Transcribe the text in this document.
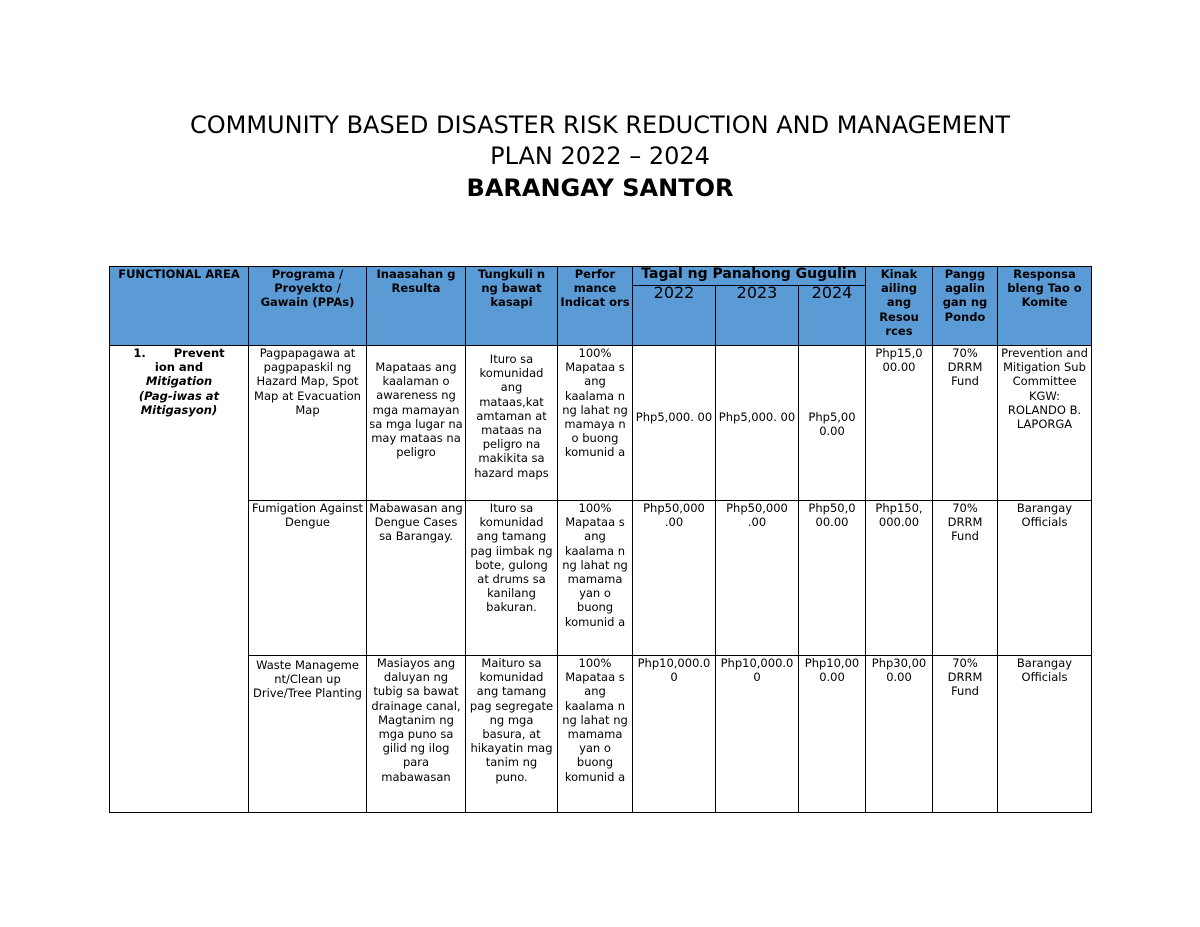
COMMUNITY BASED DISASTER RISK REDUCTION AND MANAGEMENT
PLAN 2022 – 2024
BARANGAY SANTOR
FUNCTIONAL AREA	Programa / Proyekto / Gawain (PPAs)	Inaasahan g Resulta	Tungkuli n ng bawat kasapi	Perfor mance Indicat ors	Tagal ng Panahong Gugulin			Kinak ailing ang Resou rces	Pangg agalin gan ng Pondo	Responsa bleng Tao o Komite
					2022	2023	2024			

1. Prevent
ion and
Mitigation
(Pag-iwas at Mitigasyon)	Pagpapagawa at pagpapaskil ng Hazard Map, Spot Map at Evacuation Map	Mapataas ang kaalaman o awareness ng mga mamayan sa mga lugar na may mataas na peligro	Ituro sa komunidad ang mataas,kat amtaman at mataas na peligro na makikita sa hazard maps	100% Mapataa s ang kaalama n ng lahat ng mamaya n o buong komunid a	Php5,000. 00	Php5,000. 00	Php5,00 0.00	Php15,0 00.00	70% DRRM Fund	Prevention and Mitigation Sub Committee KGW: ROLANDO B. LAPORGA
	Fumigation Against Dengue	Mabawasan ang Dengue Cases sa Barangay.	Ituro sa komunidad ang tamang pag iimbak ng bote, gulong at drums sa kanilang bakuran.	100% Mapataa s ang kaalama n ng lahat ng mamama yan o buong komunid a	Php50,000 .00	Php50,000 .00	Php50,0 00.00	Php150, 000.00	70% DRRM Fund	Barangay Officials
	Waste Manageme nt/Clean up Drive/Tree Planting	Masiayos ang daluyan ng tubig sa bawat drainage canal, Magtanim ng mga puno sa gilid ng ilog para mabawasan	Maituro sa komunidad ang tamang pag segregate ng mga basura, at hikayatin mag tanim ng puno.	100% Mapataa s ang kaalama n ng lahat ng mamama yan o buong komunid a	Php10,000.0 0	Php10,000.0 0	Php10,00 0.00	Php30,00 0.00	70% DRRM Fund	Barangay Officials
